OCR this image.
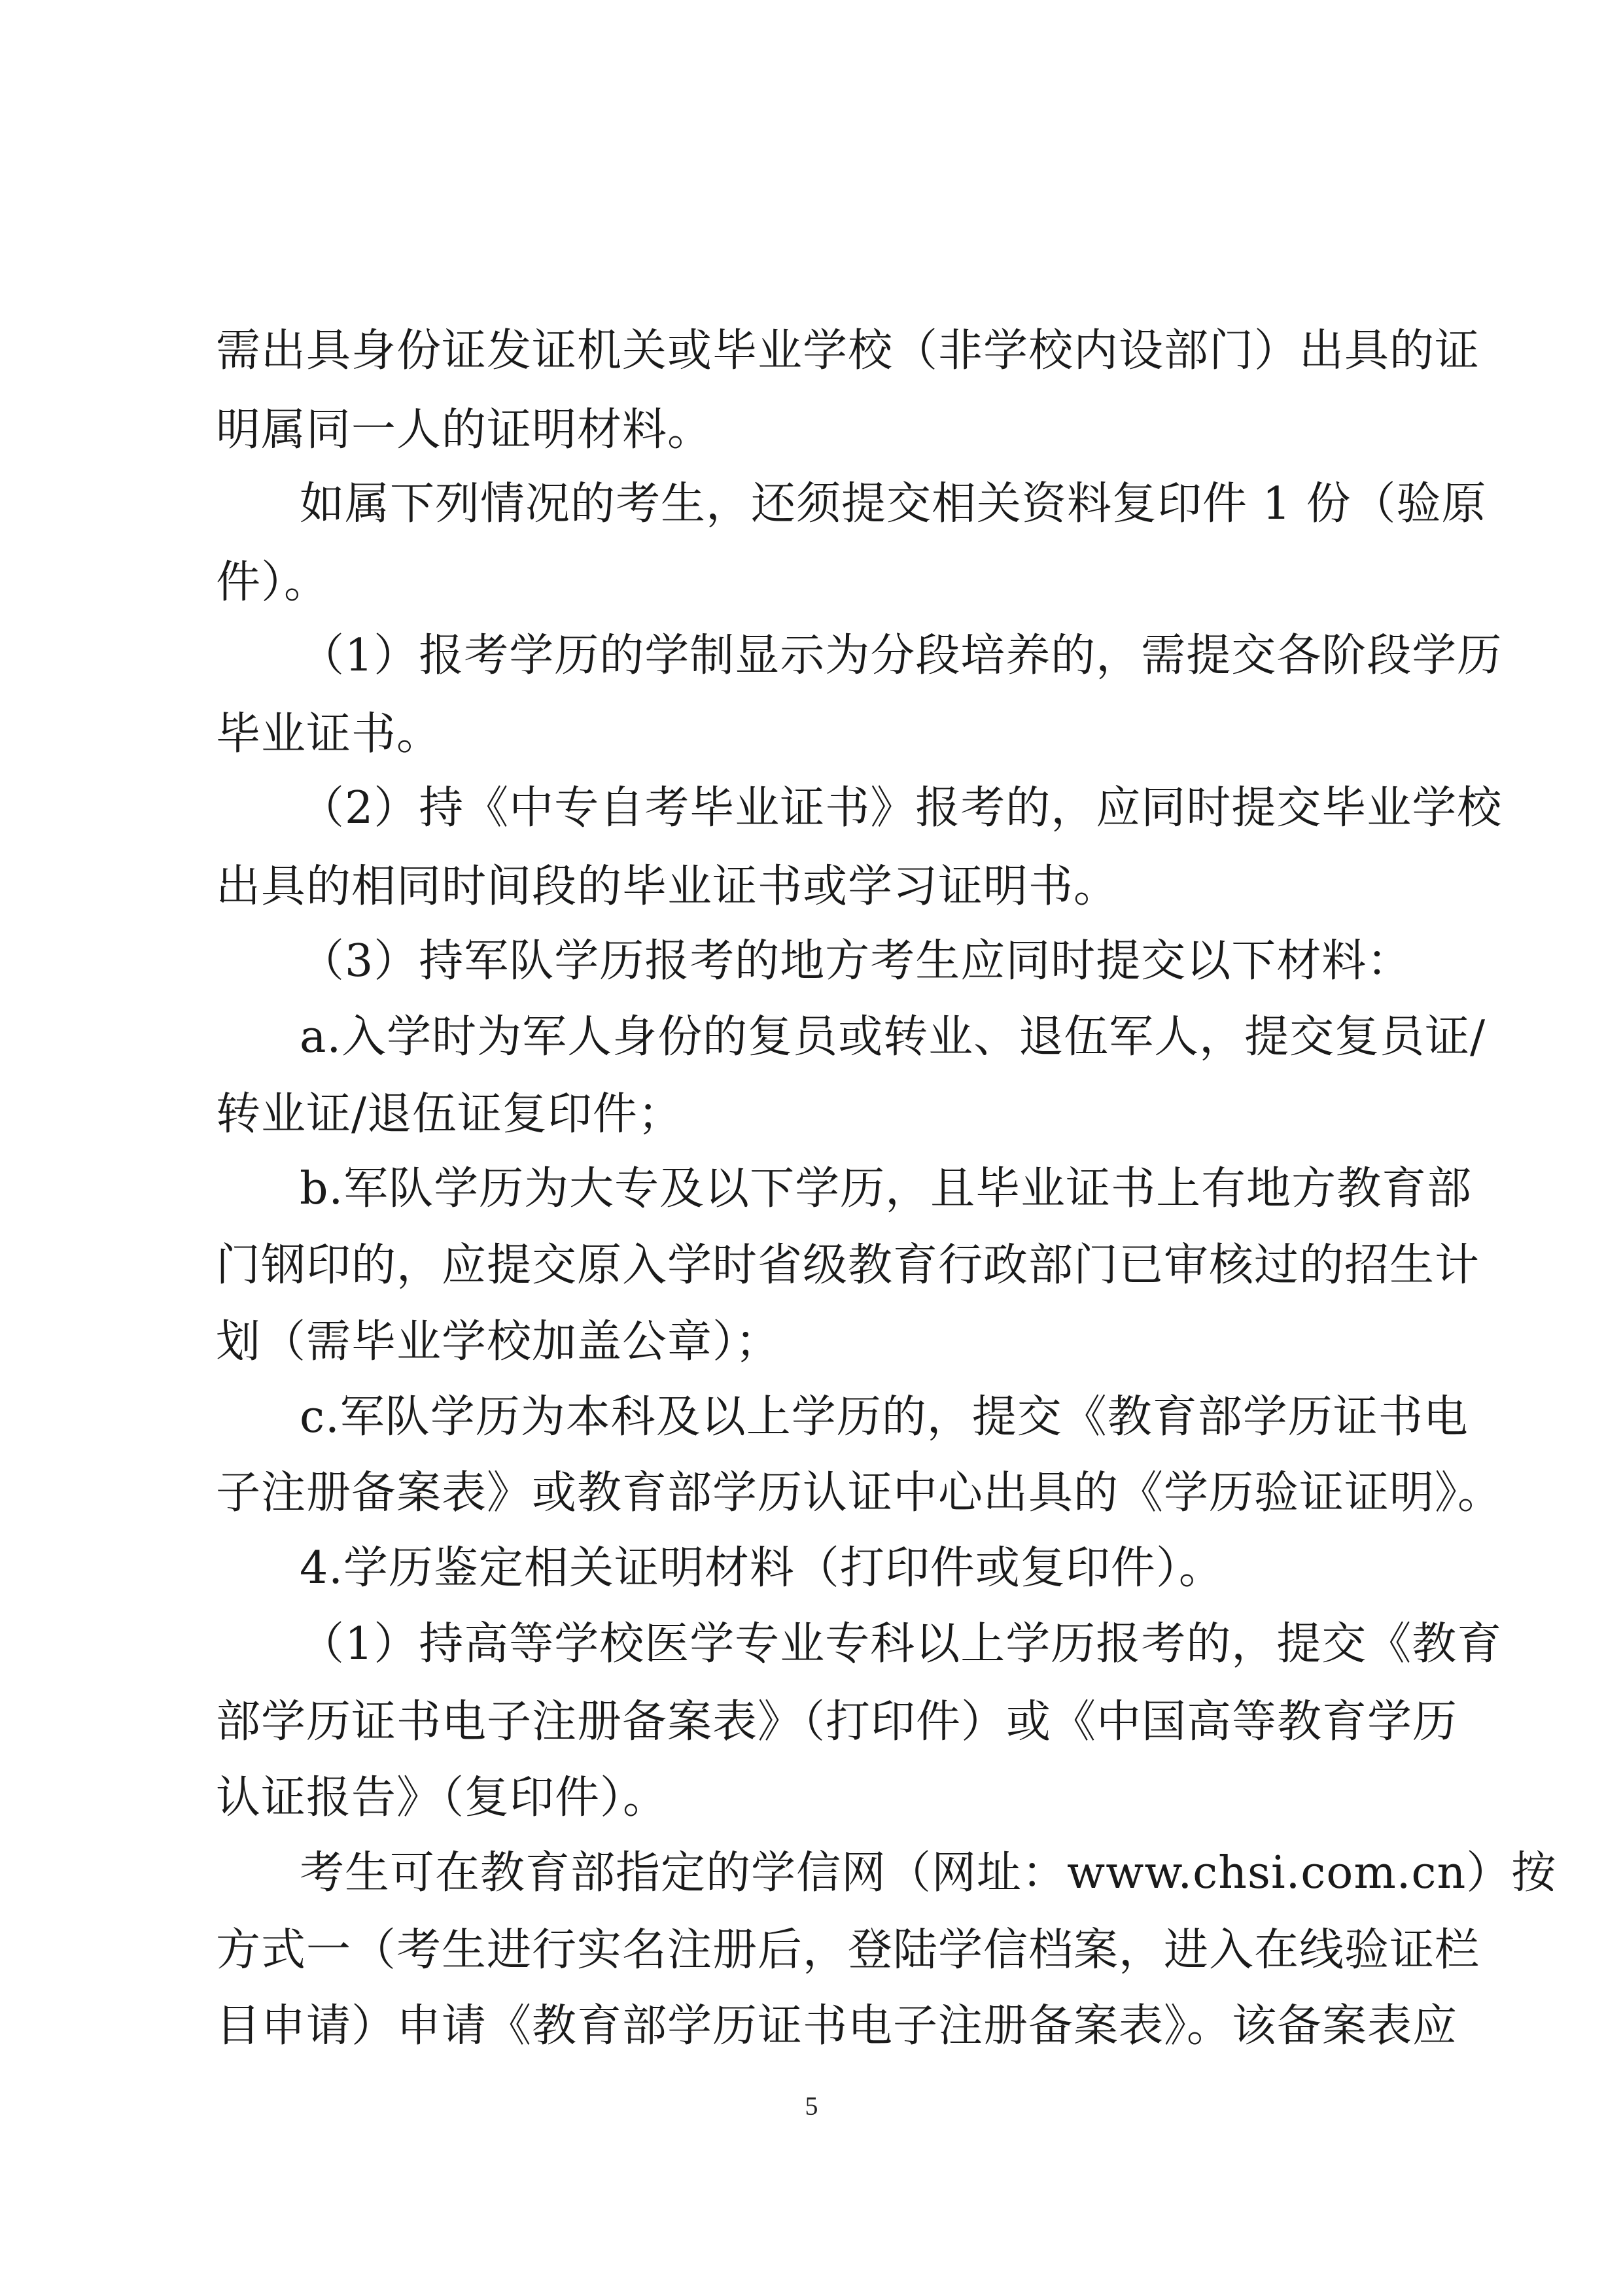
需出具身份证发证机关或毕业学校（非学校内设部门）出具的证
明属同一人的证明材料。
如属下列情况的考生，还须提交相关资料复印件 1 份（验原
件）。
（1）报考学历的学制显示为分段培养的，需提交各阶段学历
毕业证书。
（2）持《中专自考毕业证书》报考的，应同时提交毕业学校
出具的相同时间段的毕业证书或学习证明书。
（3）持军队学历报考的地方考生应同时提交以下材料：
a.入学时为军人身份的复员或转业、退伍军人，提交复员证/
转业证/退伍证复印件；
b.军队学历为大专及以下学历，且毕业证书上有地方教育部
门钢印的，应提交原入学时省级教育行政部门已审核过的招生计
划（需毕业学校加盖公章）；
c.军队学历为本科及以上学历的，提交《教育部学历证书电
子注册备案表》或教育部学历认证中心出具的《学历验证证明》。
4.学历鉴定相关证明材料（打印件或复印件）。
（1）持高等学校医学专业专科以上学历报考的，提交《教育
部学历证书电子注册备案表》（打印件）或《中国高等教育学历
认证报告》（复印件）。
考生可在教育部指定的学信网（网址：www.chsi.com.cn）按
方式一（考生进行实名注册后，登陆学信档案，进入在线验证栏
目申请）申请《教育部学历证书电子注册备案表》。该备案表应
5
